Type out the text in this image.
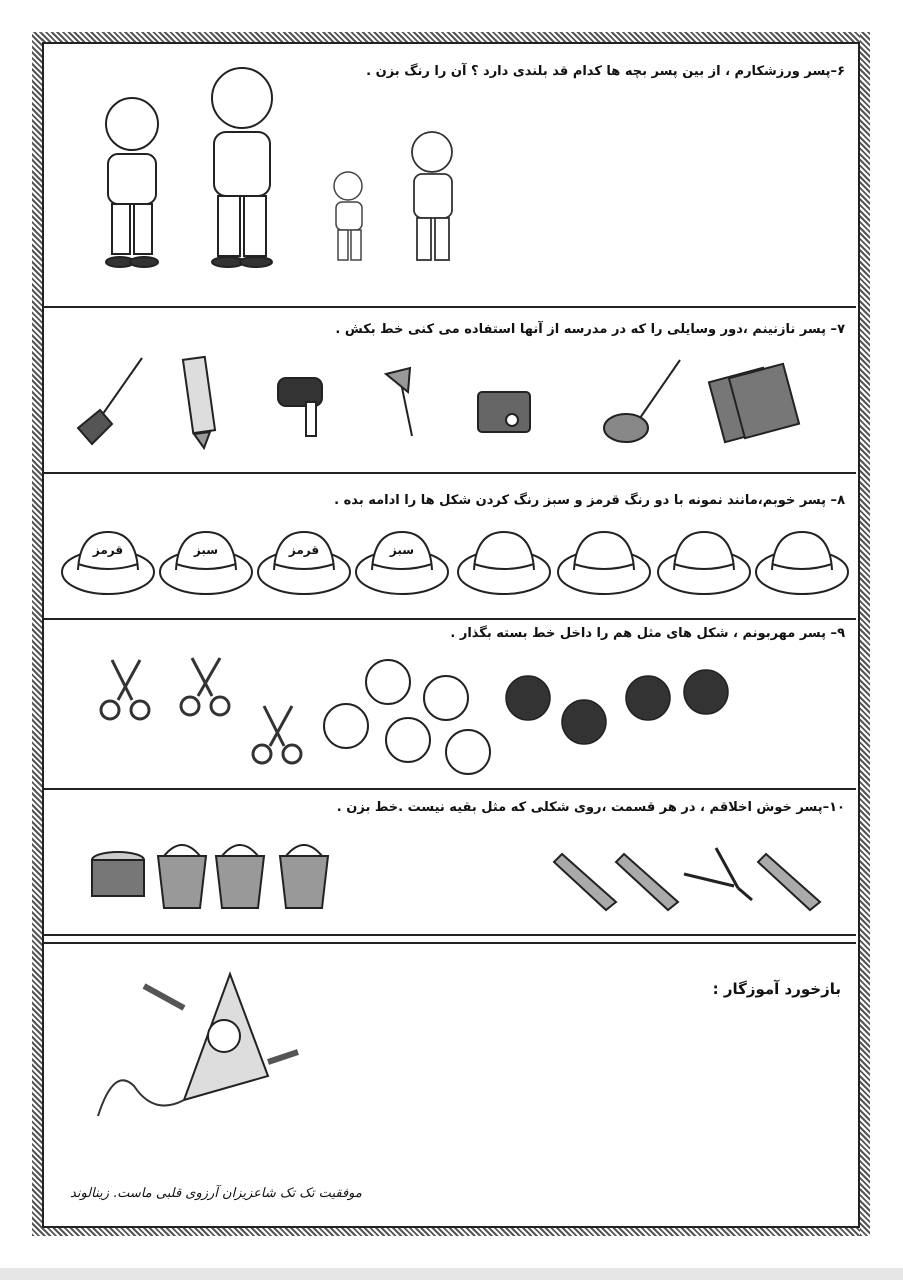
۶–پسر ورزشکارم ، از بین پسر بچه ها کدام قد بلندی دارد ؟ آن را رنگ بزن .
۷– پسر نازنینم ،دور وسایلی را که در مدرسه از آنها استفاده می کنی خط بکش .
۸– پسر خوبم،مانند نمونه با دو رنگ قرمز و سبز رنگ کردن شکل ها را ادامه بده .
قرمز	سبز	قرمز	سبز
۹– پسر مهربونم ، شکل های مثل هم را داخل خط بسته بگذار .
۱۰–پسر خوش اخلاقم ، در هر قسمت ،روی شکلی که مثل بقیه نیست .خط بزن .
بازخورد آموزگار :
موفقیت تک تک شاعزیزان آرزوی قلبی ماست. زینالوند
